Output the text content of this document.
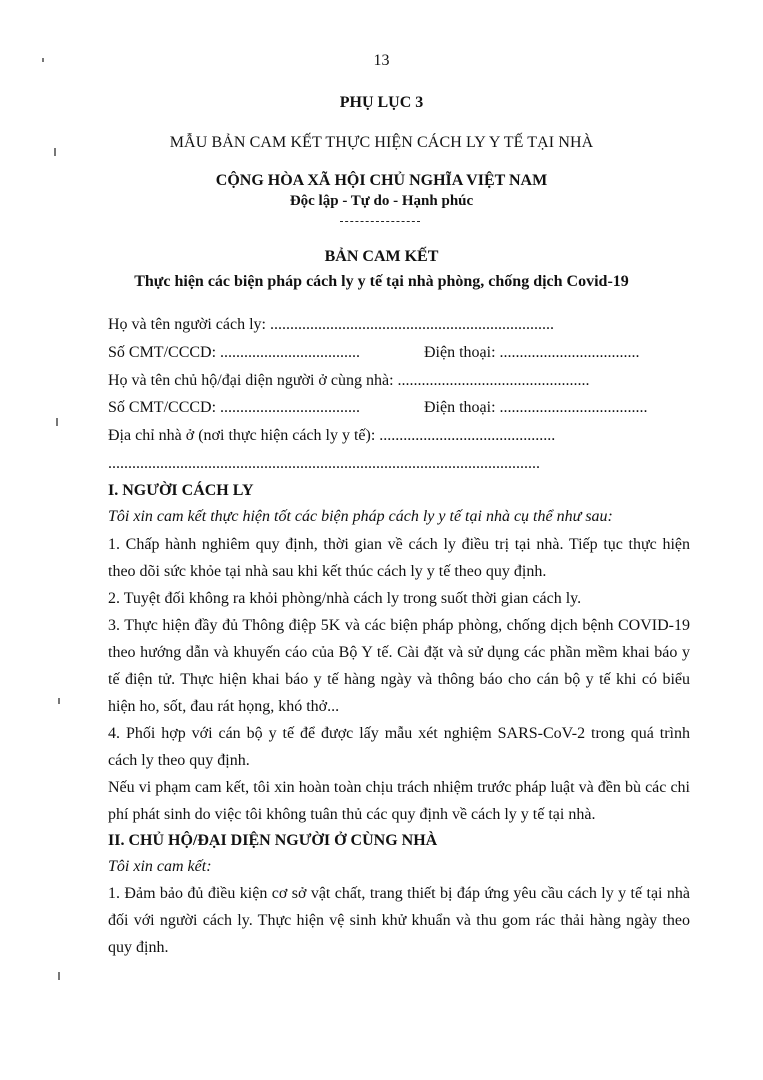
13
PHỤ LỤC 3
MẪU BẢN CAM KẾT THỰC HIỆN CÁCH LY Y TẾ TẠI NHÀ
CỘNG HÒA XÃ HỘI CHỦ NGHĨA VIỆT NAM
Độc lập - Tự do - Hạnh phúc
BẢN CAM KẾT
Thực hiện các biện pháp cách ly y tế tại nhà phòng, chống dịch Covid-19
Họ và tên người cách ly: .......................................................................
Số CMT/CCCD: ...................................	Điện thoại: ...................................
Họ và tên chủ hộ/đại diện người ở cùng nhà: ................................................
Số CMT/CCCD: ...................................	Điện thoại: .....................................
Địa chỉ nhà ở (nơi thực hiện cách ly y tế): ............................................
............................................................................................................
I. NGƯỜI CÁCH LY
Tôi xin cam kết thực hiện tốt các biện pháp cách ly y tế tại nhà cụ thể như sau:
1. Chấp hành nghiêm quy định, thời gian về cách ly điều trị tại nhà. Tiếp tục thực hiện theo dõi sức khỏe tại nhà sau khi kết thúc cách ly y tế theo quy định.
2. Tuyệt đối không ra khỏi phòng/nhà cách ly trong suốt thời gian cách ly.
3. Thực hiện đầy đủ Thông điệp 5K và các biện pháp phòng, chống dịch bệnh COVID-19 theo hướng dẫn và khuyến cáo của Bộ Y tế. Cài đặt và sử dụng các phần mềm khai báo y tế điện tử. Thực hiện khai báo y tế hàng ngày và thông báo cho cán bộ y tế khi có biểu hiện ho, sốt, đau rát họng, khó thở...
4. Phối hợp với cán bộ y tế để được lấy mẫu xét nghiệm SARS-CoV-2 trong quá trình cách ly theo quy định.
Nếu vi phạm cam kết, tôi xin hoàn toàn chịu trách nhiệm trước pháp luật và đền bù các chi phí phát sinh do việc tôi không tuân thủ các quy định về cách ly y tế tại nhà.
II. CHỦ HỘ/ĐẠI DIỆN NGƯỜI Ở CÙNG NHÀ
Tôi xin cam kết:
1. Đảm bảo đủ điều kiện cơ sở vật chất, trang thiết bị đáp ứng yêu cầu cách ly y tế tại nhà đối với người cách ly. Thực hiện vệ sinh khử khuẩn và thu gom rác thải hàng ngày theo quy định.
